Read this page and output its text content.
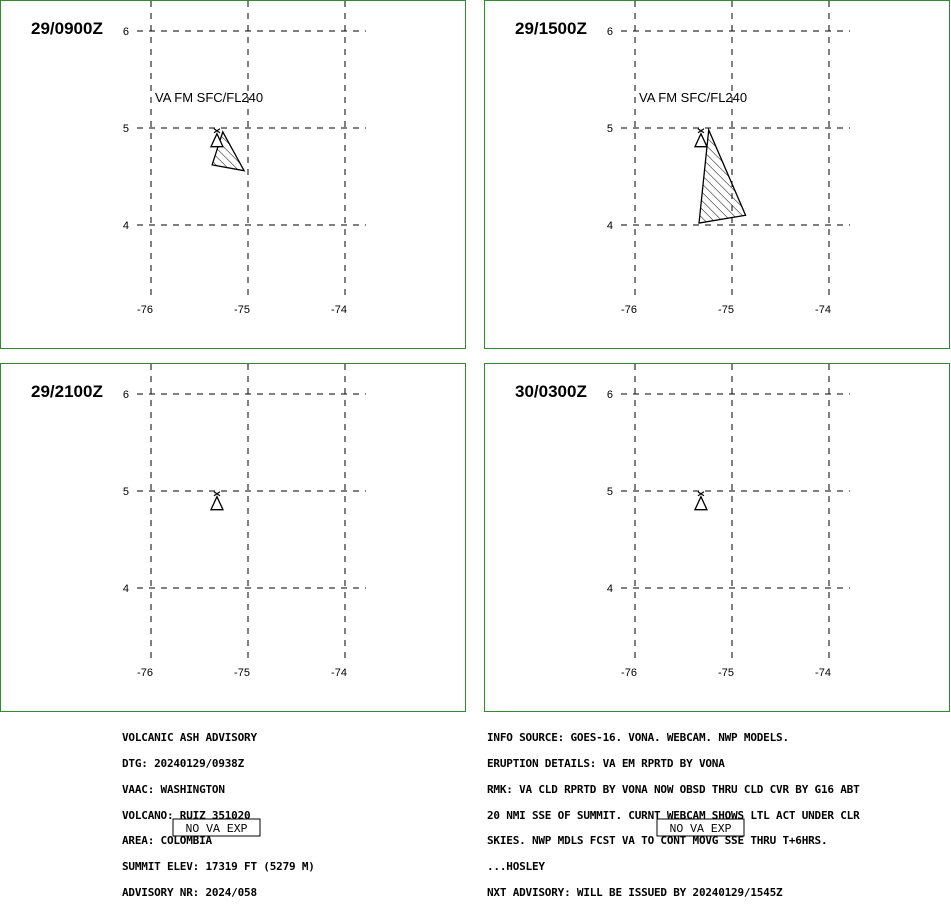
29/0900Z
-76	-75	-74
6
5
4
VA FM SFC/FL240
29/1500Z
-76	-75	-74
6
5
4
VA FM SFC/FL240
29/2100Z
-76	-75	-74
6
5
4
NO VA EXP
30/0300Z
-76	-75	-74
6
5
4
NO VA EXP

VOLCANIC ASH ADVISORY

DTG: 20240129/0938Z

VAAC: WASHINGTON

VOLCANO: RUIZ 351020

AREA: COLOMBIA

SUMMIT ELEV: 17319 FT (5279 M)

ADVISORY NR: 2024/058

INFO SOURCE: GOES-16. VONA. WEBCAM. NWP MODELS.

ERUPTION DETAILS: VA EM RPRTD BY VONA

RMK: VA CLD RPRTD BY VONA NOW OBSD THRU CLD CVR BY G16 ABT

20 NMI SSE OF SUMMIT. CURNT WEBCAM SHOWS LTL ACT UNDER CLR

SKIES. NWP MDLS FCST VA TO CONT MOVG SSE THRU T+6HRS.

...HOSLEY

NXT ADVISORY: WILL BE ISSUED BY 20240129/1545Z
